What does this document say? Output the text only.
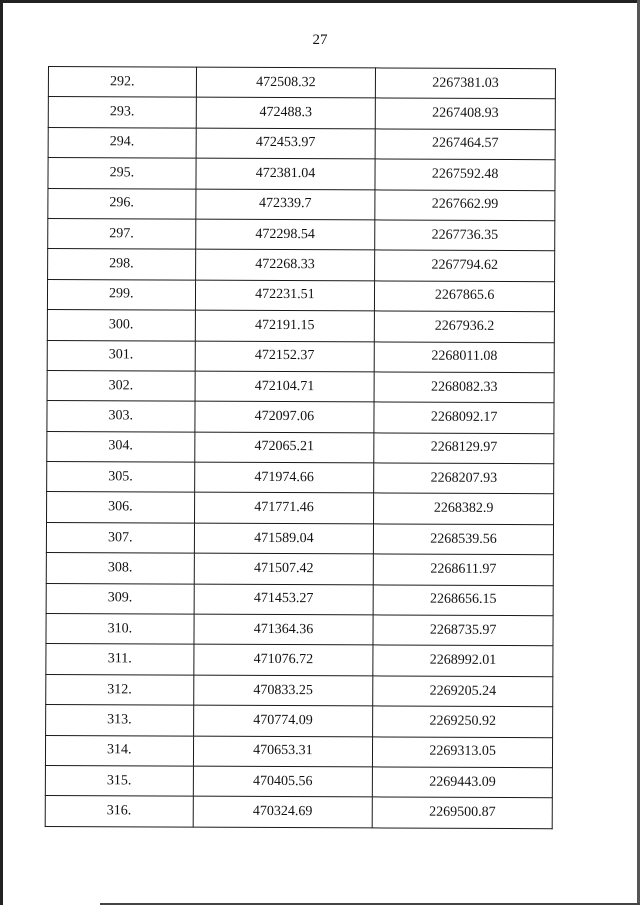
27
292.	472508.32	2267381.03
293.	472488.3	2267408.93
294.	472453.97	2267464.57
295.	472381.04	2267592.48
296.	472339.7	2267662.99
297.	472298.54	2267736.35
298.	472268.33	2267794.62
299.	472231.51	2267865.6
300.	472191.15	2267936.2
301.	472152.37	2268011.08
302.	472104.71	2268082.33
303.	472097.06	2268092.17
304.	472065.21	2268129.97
305.	471974.66	2268207.93
306.	471771.46	2268382.9
307.	471589.04	2268539.56
308.	471507.42	2268611.97
309.	471453.27	2268656.15
310.	471364.36	2268735.97
311.	471076.72	2268992.01
312.	470833.25	2269205.24
313.	470774.09	2269250.92
314.	470653.31	2269313.05
315.	470405.56	2269443.09
316.	470324.69	2269500.87
